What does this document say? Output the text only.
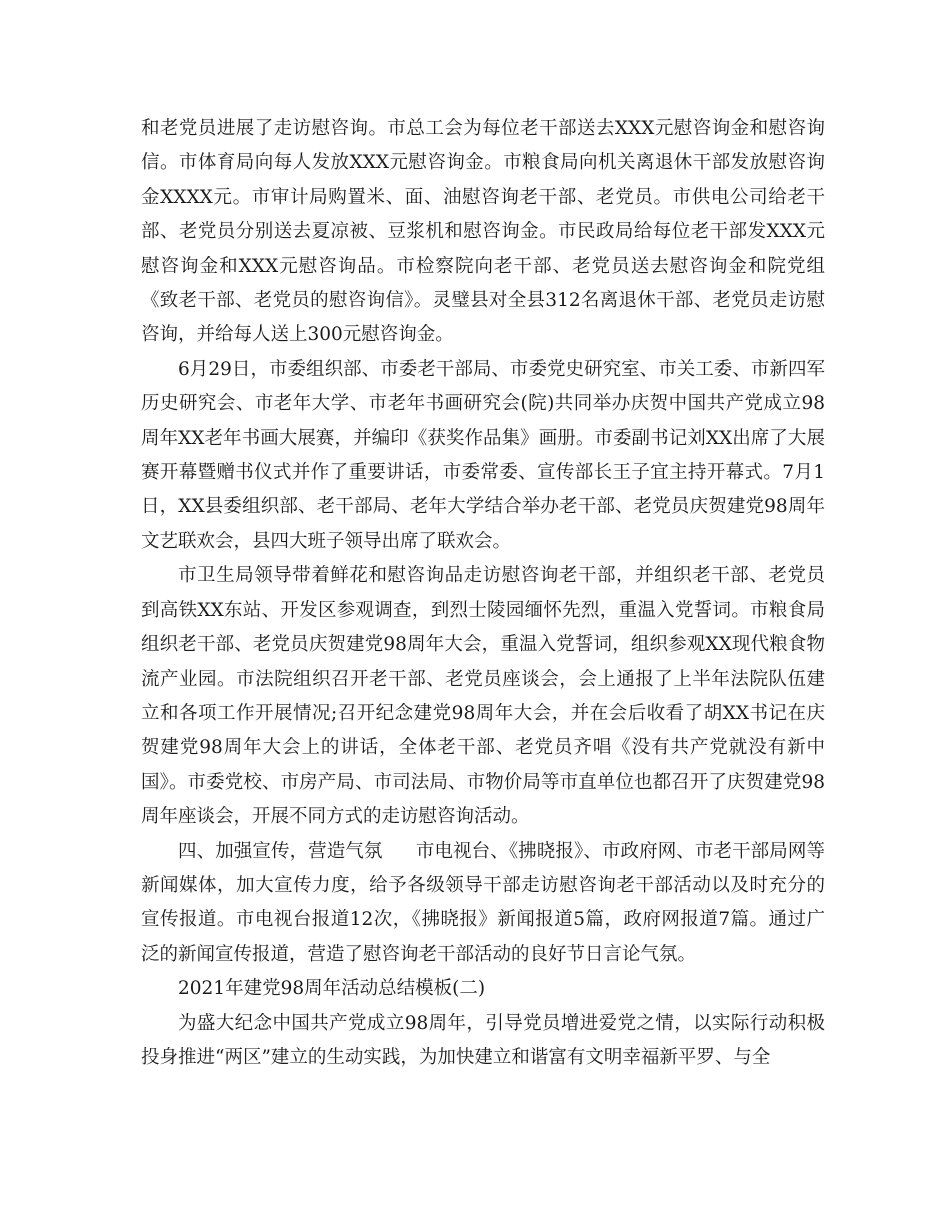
和老党员进展了走访慰咨询。市总工会为每位老干部送去XXX元慰咨询金和慰咨询信。市体育局向每人发放XXX元慰咨询金。市粮食局向机关离退休干部发放慰咨询金XXXX元。市审计局购置米、面、油慰咨询老干部、老党员。市供电公司给老干部、老党员分别送去夏凉被、豆浆机和慰咨询金。市民政局给每位老干部发XXX元慰咨询金和XXX元慰咨询品。市检察院向老干部、老党员送去慰咨询金和院党组《致老干部、老党员的慰咨询信》。灵璧县对全县312名离退休干部、老党员走访慰咨询，并给每人送上300元慰咨询金。

6月29日，市委组织部、市委老干部局、市委党史研究室、市关工委、市新四军历史研究会、市老年大学、市老年书画研究会(院)共同举办庆贺中国共产党成立98周年XX老年书画大展赛，并编印《获奖作品集》画册。市委副书记刘XX出席了大展赛开幕暨赠书仪式并作了重要讲话，市委常委、宣传部长王子宜主持开幕式。7月1日，XX县委组织部、老干部局、老年大学结合举办老干部、老党员庆贺建党98周年文艺联欢会，县四大班子领导出席了联欢会。

市卫生局领导带着鲜花和慰咨询品走访慰咨询老干部，并组织老干部、老党员到高铁XX东站、开发区参观调查，到烈士陵园缅怀先烈，重温入党誓词。市粮食局组织老干部、老党员庆贺建党98周年大会，重温入党誓词，组织参观XX现代粮食物流产业园。市法院组织召开老干部、老党员座谈会，会上通报了上半年法院队伍建立和各项工作开展情况;召开纪念建党98周年大会，并在会后收看了胡XX书记在庆贺建党98周年大会上的讲话，全体老干部、老党员齐唱《没有共产党就没有新中国》。市委党校、市房产局、市司法局、市物价局等市直单位也都召开了庆贺建党98周年座谈会，开展不同方式的走访慰咨询活动。

四、加强宣传，营造气氛 市电视台、《拂晓报》、市政府网、市老干部局网等新闻媒体，加大宣传力度，给予各级领导干部走访慰咨询老干部活动以及时充分的宣传报道。市电视台报道12次，《拂晓报》新闻报道5篇，政府网报道7篇。通过广泛的新闻宣传报道，营造了慰咨询老干部活动的良好节日言论气氛。

2021年建党98周年活动总结模板(二)

为盛大纪念中国共产党成立98周年，引导党员增进爱党之情，以实际行动积极投身推进“两区”建立的生动实践，为加快建立和谐富有文明幸福新平罗、与全
